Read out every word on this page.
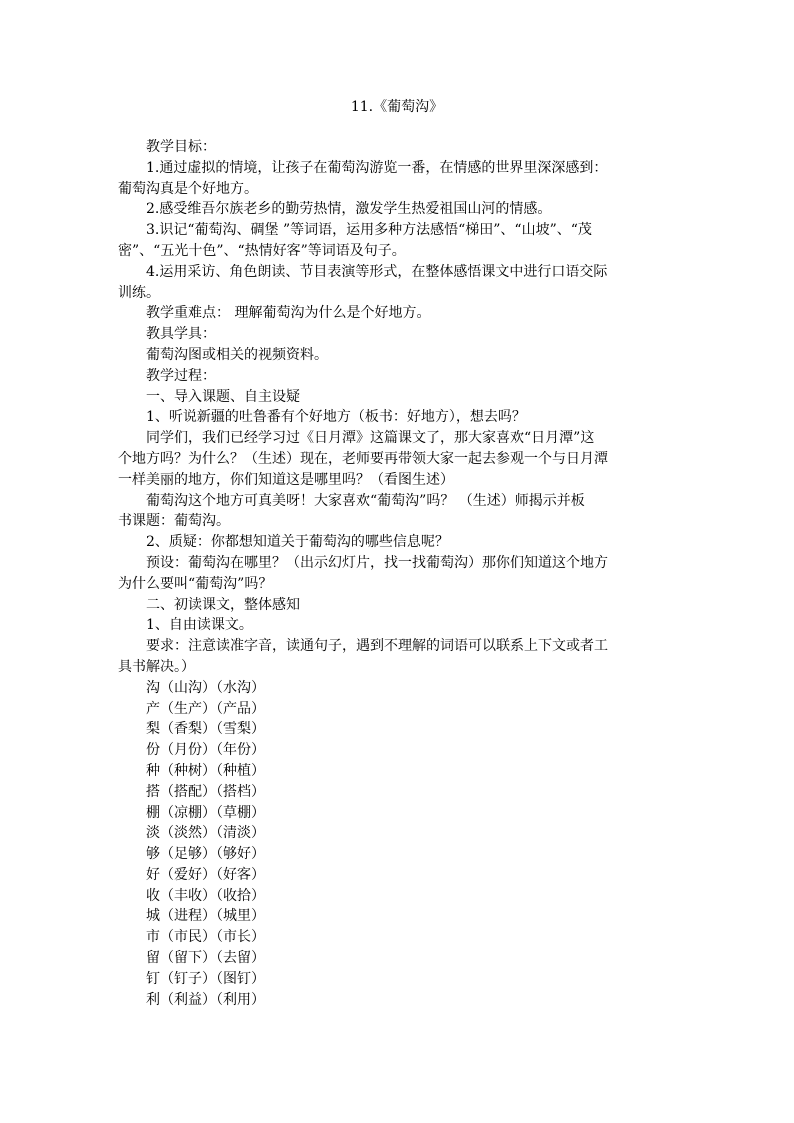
11.《葡萄沟》

教学目标：

1.通过虚拟的情境，让孩子在葡萄沟游览一番，在情感的世界里深深感到：

葡萄沟真是个好地方。

2.感受维吾尔族老乡的勤劳热情，激发学生热爱祖国山河的情感。

3.识记“葡萄沟、碉堡 ”等词语，运用多种方法感悟“梯田”、“山坡”、“茂

密”、“五光十色”、“热情好客”等词语及句子。

4.运用采访、角色朗读、节目表演等形式，在整体感悟课文中进行口语交际

训练。

教学重难点： 理解葡萄沟为什么是个好地方。

教具学具：

葡萄沟图或相关的视频资料。

教学过程：

一、导入课题、自主设疑

1、听说新疆的吐鲁番有个好地方（板书：好地方），想去吗？

同学们，我们已经学习过《日月潭》这篇课文了，那大家喜欢“日月潭”这

个地方吗？为什么？（生述）现在，老师要再带领大家一起去参观一个与日月潭

一样美丽的地方，你们知道这是哪里吗？（看图生述）

葡萄沟这个地方可真美呀！大家喜欢“葡萄沟”吗？ （生述）师揭示并板

书课题：葡萄沟。

2、质疑：你都想知道关于葡萄沟的哪些信息呢？

预设：葡萄沟在哪里？（出示幻灯片，找一找葡萄沟）那你们知道这个地方

为什么要叫“葡萄沟”吗？

二、初读课文，整体感知

1、自由读课文。

要求：注意读准字音，读通句子，遇到不理解的词语可以联系上下文或者工

具书解决。）

沟（山沟）（水沟）

产（生产）（产品）

梨（香梨）（雪梨）

份（月份）（年份）

种（种树）（种植）

搭（搭配）（搭档）

棚（凉棚）（草棚）

淡（淡然）（清淡）

够（足够）（够好）

好（爱好）（好客）

收（丰收）（收拾）

城（进程）（城里）

市（市民）（市长）

留（留下）（去留）

钉（钉子）（图钉）

利（利益）（利用）
